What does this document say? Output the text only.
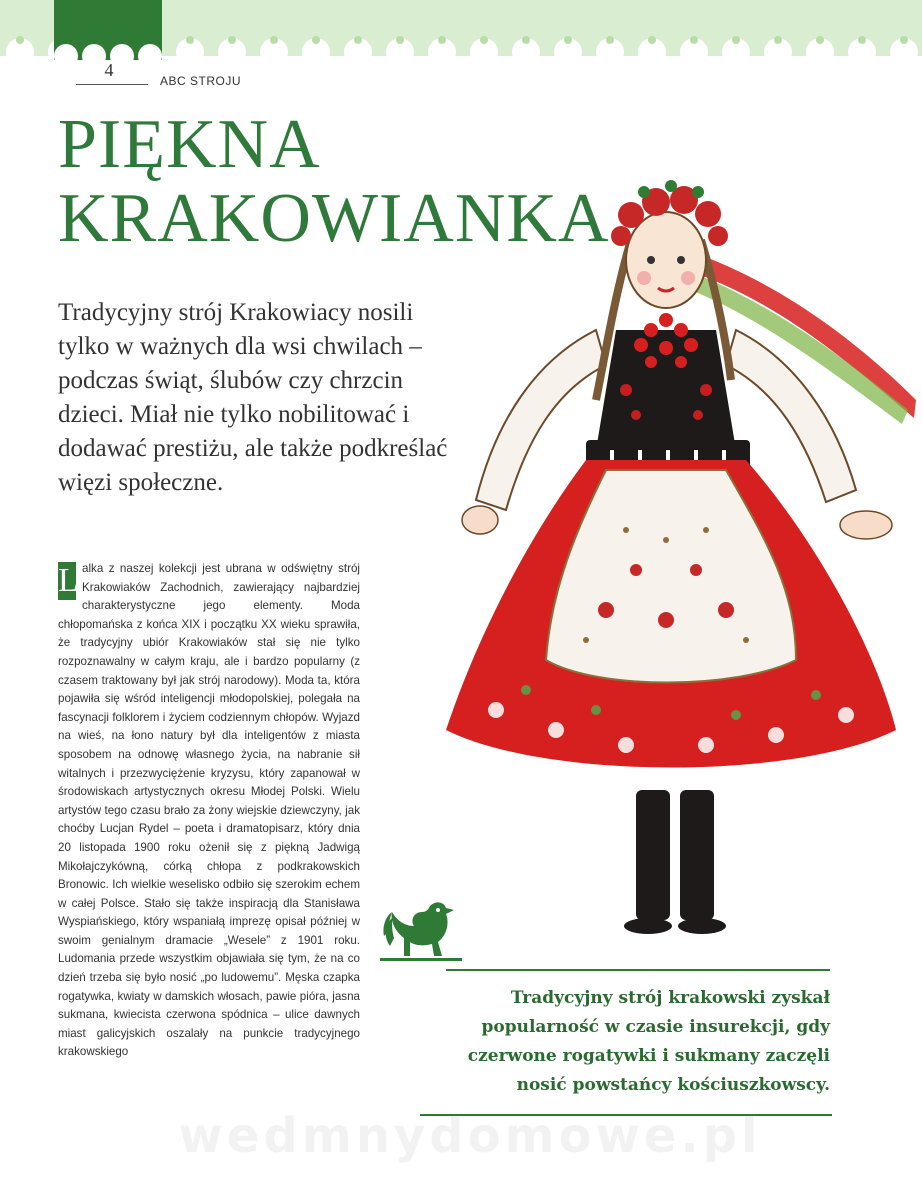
4
ABC STROJU
PIĘKNA
KRAKOWIANKA

Tradycyjny strój Krakowiacy nosili tylko w ważnych dla wsi chwilach – podczas świąt, ślubów czy chrzcin dzieci. Miał nie tylko nobilitować i dodawać prestiżu, ale także podkreślać więzi społeczne.

L alka z naszej kolekcji jest ubrana w odświętny strój Krakowiaków Zachodnich, zawierający najbardziej charakterystyczne jego elementy. Moda chłopomańska z końca XIX i początku XX wieku sprawiła, że tradycyjny ubiór Krakowiaków stał się nie tylko rozpoznawalny w całym kraju, ale i bardzo popularny (z czasem traktowany był jak strój narodowy). Moda ta, która pojawiła się wśród inteligencji młodopolskiej, polegała na fascynacji folklorem i życiem codziennym chłopów. Wyjazd na wieś, na łono natury był dla inteligentów z miasta sposobem na odnowę własnego życia, na nabranie sił witalnych i przezwyciężenie kryzysu, który zapanował w środowiskach artystycznych okresu Młodej Polski. Wielu artystów tego czasu brało za żony wiejskie dziewczyny, jak choćby Lucjan Rydel – poeta i dramatopisarz, który dnia 20 listopada 1900 roku ożenił się z piękną Jadwigą Mikołajczykówną, córką chłopa z podkrakowskich Bronowic. Ich wielkie weselisko odbiło się szerokim echem w całej Polsce. Stało się także inspiracją dla Stanisława Wyspiańskiego, który wspaniałą imprezę opisał później w swoim genialnym dramacie „Wesele” z 1901 roku. Ludomania przede wszystkim objawiała się tym, że na co dzień trzeba się było nosić „po ludowemu”. Męska czapka rogatywka, kwiaty w damskich włosach, pawie pióra, jasna sukmana, kwiecista czerwona spódnica – ulice dawnych miast galicyjskich oszalały na punkcie tradycyjnego krakowskiego

Tradycyjny strój krakowski zyskał popularność w czasie insurekcji, gdy czerwone rogatywki i sukmany zaczęli nosić powstańcy kościuszkowscy.

wedmnydomowe.pl
